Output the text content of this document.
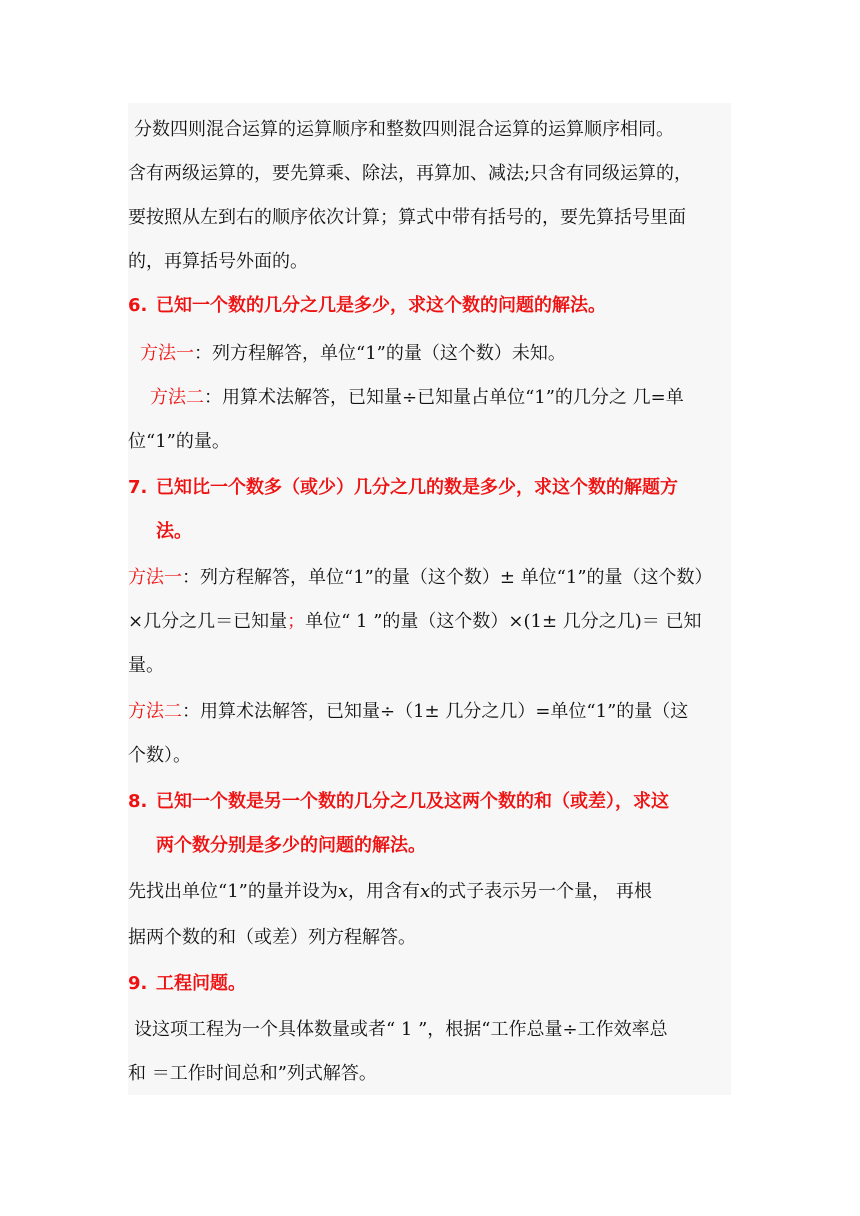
分数四则混合运算的运算顺序和整数四则混合运算的运算顺序相同。
含有两级运算的，要先算乘、除法，再算加、减法;只含有同级运算的，
要按照从左到右的顺序依次计算；算式中带有括号的，要先算括号里面
的，再算括号外面的。
6. 已知一个数的几分之几是多少，求这个数的问题的解法。
方法一：列方程解答，单位“1”的量（这个数）未知。
方法二：用算术法解答，已知量÷已知量占单位“1”的几分之 几=单
位“1”的量。
7. 已知比一个数多（或少）几分之几的数是多少，求这个数的解题方
法。
方法一：列方程解答，单位“1”的量（这个数）± 单位“1”的量（这个数）
×几分之几＝已知量；单位“ 1 ”的量（这个数）×(1± 几分之几)＝ 已知
量。
方法二：用算术法解答，已知量÷（1± 几分之几）=单位“1”的量（这
个数）。
8. 已知一个数是另一个数的几分之几及这两个数的和（或差），求这
两个数分别是多少的问题的解法。
先找出单位“1”的量并设为x，用含有x的式子表示另一个量， 再根
据两个数的和（或差）列方程解答。
9. 工程问题。
设这项工程为一个具体数量或者“ 1 ”，根据“工作总量÷工作效率总
和 ＝工作时间总和”列式解答。
